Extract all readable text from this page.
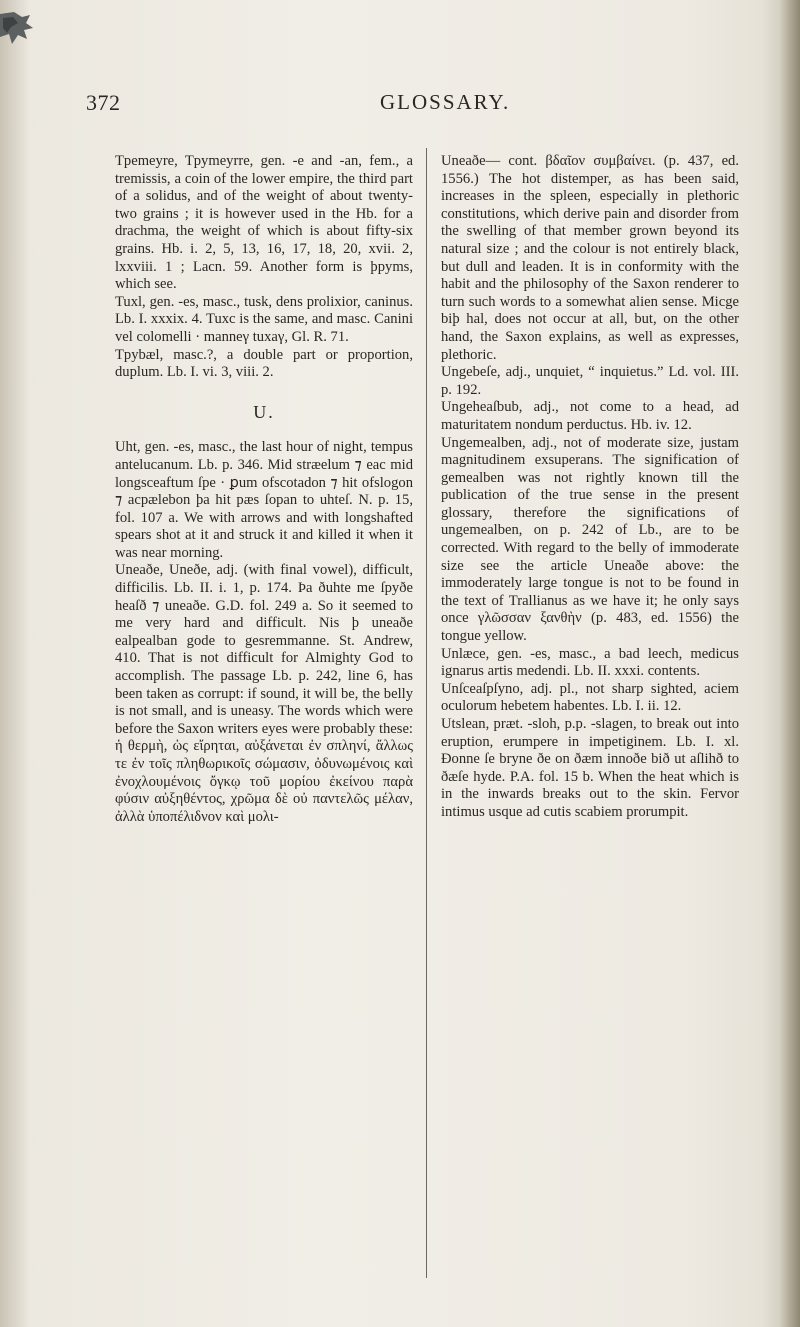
372	GLOSSARY.

Tpemeyre, Tpymeyrre, gen. -e and -an, fem., a tremissis, a coin of the lower empire, the third part of a solidus, and of the weight of about twenty-two grains ; it is however used in the Hb. for a drachma, the weight of which is about fifty-six grains. Hb. i. 2, 5, 13, 16, 17, 18, 20, xvii. 2, lxxviii. 1 ; Lacn. 59. Another form is þpyms, which see.

Tuxl, gen. -es, masc., tusk, dens prolixior, caninus. Lb. I. xxxix. 4. Tuxc is the same, and masc. Canini vel colomelli · manneγ tuxaγ, Gl. R. 71.

Tpybæl, masc.?, a double part or proportion, duplum. Lb. I. vi. 3, viii. 2.

U.

Uht, gen. -es, masc., the last hour of night, tempus antelucanum. Lb. p. 346. Mid stræelum ⁊ eac mid longsceaftum ſpe · ꝑum ofscotadon ⁊ hit ofslogon ⁊ acpælebon þa hit pæs ſopan to uhteſ. N. p. 15, fol. 107 a. We with arrows and with longshafted spears shot at it and struck it and killed it when it was near morning.

Uneaðe, Uneðe, adj. (with final vowel), difficult, difficilis. Lb. II. i. 1, p. 174. Þa ðuhte me ſpyðe heaſð ⁊ uneaðe. G.D. fol. 249 a. So it seemed to me very hard and difficult. Nis þ uneaðe ealpealban gode to gesremmanne. St. Andrew, 410. That is not difficult for Almighty God to accomplish. The passage Lb. p. 242, line 6, has been taken as corrupt: if sound, it will be, the belly is not small, and is uneasy. The words which were before the Saxon writers eyes were probably these: ἡ θερμὴ, ὡς εἴρηται, αὐξάνεται ἐν σπληνί, ἄλλως τε ἐν τοῖς πληθωρικοῖς σώμασιν, ὀδυνωμένοις καὶ ἐνοχλουμένοις ὄγκῳ τοῦ μορίου ἐκείνου παρὰ φύσιν αὐξηθέντος, χρῶμα δὲ οὐ παντελῶς μέλαν, ἀλλὰ ὑποπέλιδνον καὶ μολι-

Uneaðe— cont. βδαῖον συμβαίνει. (p. 437, ed. 1556.) The hot distemper, as has been said, increases in the spleen, especially in plethoric constitutions, which derive pain and disorder from the swelling of that member grown beyond its natural size ; and the colour is not entirely black, but dull and leaden. It is in conformity with the habit and the philosophy of the Saxon renderer to turn such words to a somewhat alien sense. Micge biþ hal, does not occur at all, but, on the other hand, the Saxon explains, as well as expresses, plethoric.

Ungebeſe, adj., unquiet, “ inquietus.” Ld. vol. III. p. 192.

Ungeheaſbub, adj., not come to a head, ad maturitatem nondum perductus. Hb. iv. 12.

Ungemealben, adj., not of moderate size, justam magnitudinem exsuperans. The signification of gemealben was not rightly known till the publication of the true sense in the present glossary, therefore the significations of ungemealben, on p. 242 of Lb., are to be corrected. With regard to the belly of immoderate size see the article Uneaðe above: the immoderately large tongue is not to be found in the text of Trallianus as we have it; he only says once γλῶσσαν ξανθὴν (p. 483, ed. 1556) the tongue yellow.

Unlæce, gen. -es, masc., a bad leech, medicus ignarus artis medendi. Lb. II. xxxi. contents.

Unſceaſpſyno, adj. pl., not sharp sighted, aciem oculorum hebetem habentes. Lb. I. ii. 12.

Utslean, præt. -sloh, p.p. -slagen, to break out into eruption, erumpere in impetiginem. Lb. I. xl. Ðonne ſe bryne ðe on ðæm innoðe bið ut aſlihð to ðæſe hyde. P.A. fol. 15 b. When the heat which is in the inwards breaks out to the skin. Fervor intimus usque ad cutis scabiem prorumpit.
